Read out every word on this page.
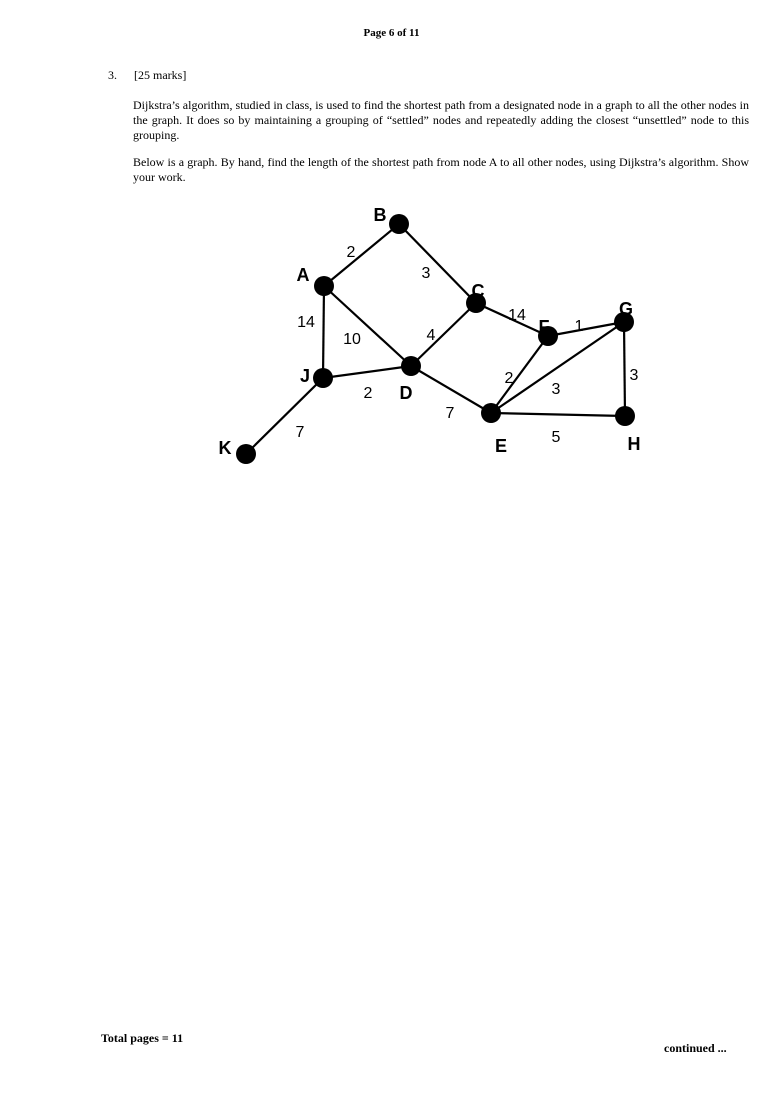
Page 6 of 11
3. [25 marks]

Dijkstra’s algorithm, studied in class, is used to find the shortest path from a designated node in a graph to all the other nodes in the graph. It does so by maintaining a grouping of “settled” nodes and repeatedly adding the closest “unsettled” node to this grouping.

Below is a graph. By hand, find the length of the shortest path from node A to all other nodes, using Dijkstra’s algorithm. Show your work.

2
3
14
10	4
14
1
2
7
2
3
3
5
7
A
B
C
D
E
F
G
H
J
K
Total pages = 11
continued ...
